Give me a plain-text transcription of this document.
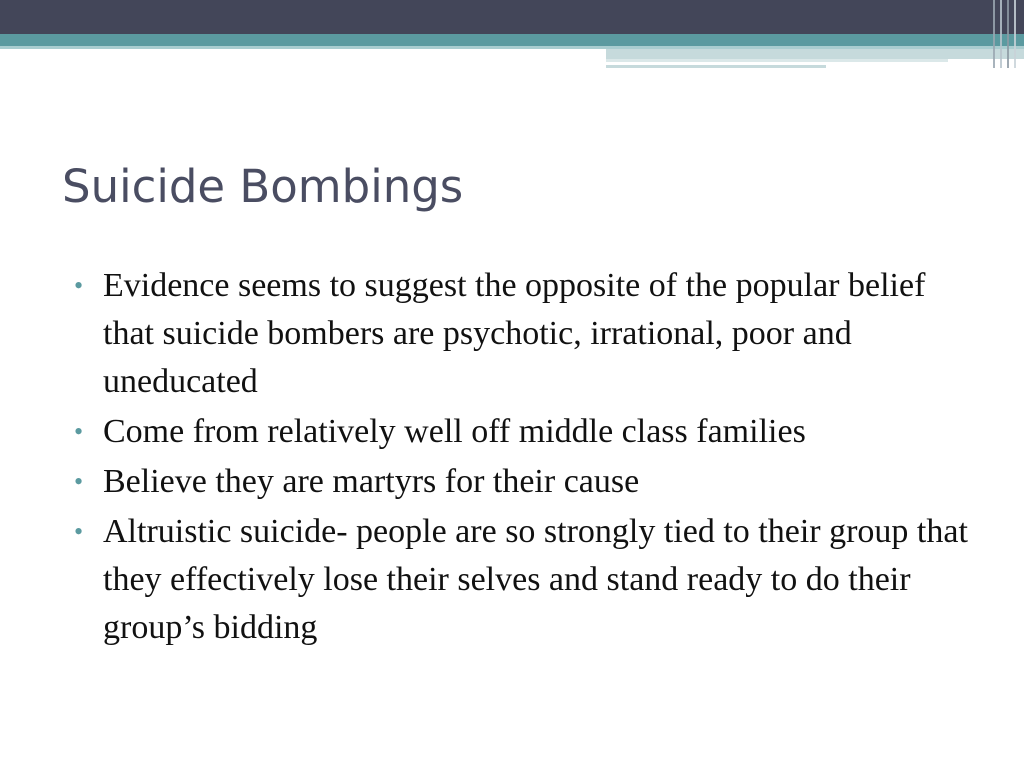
Suicide Bombings
• Evidence seems to suggest the opposite of the popular belief that suicide bombers are psychotic, irrational, poor and uneducated
• Come from relatively well off middle class families
• Believe they are martyrs for their cause
• Altruistic suicide- people are so strongly tied to their group that they effectively lose their selves and stand ready to do their group’s bidding
